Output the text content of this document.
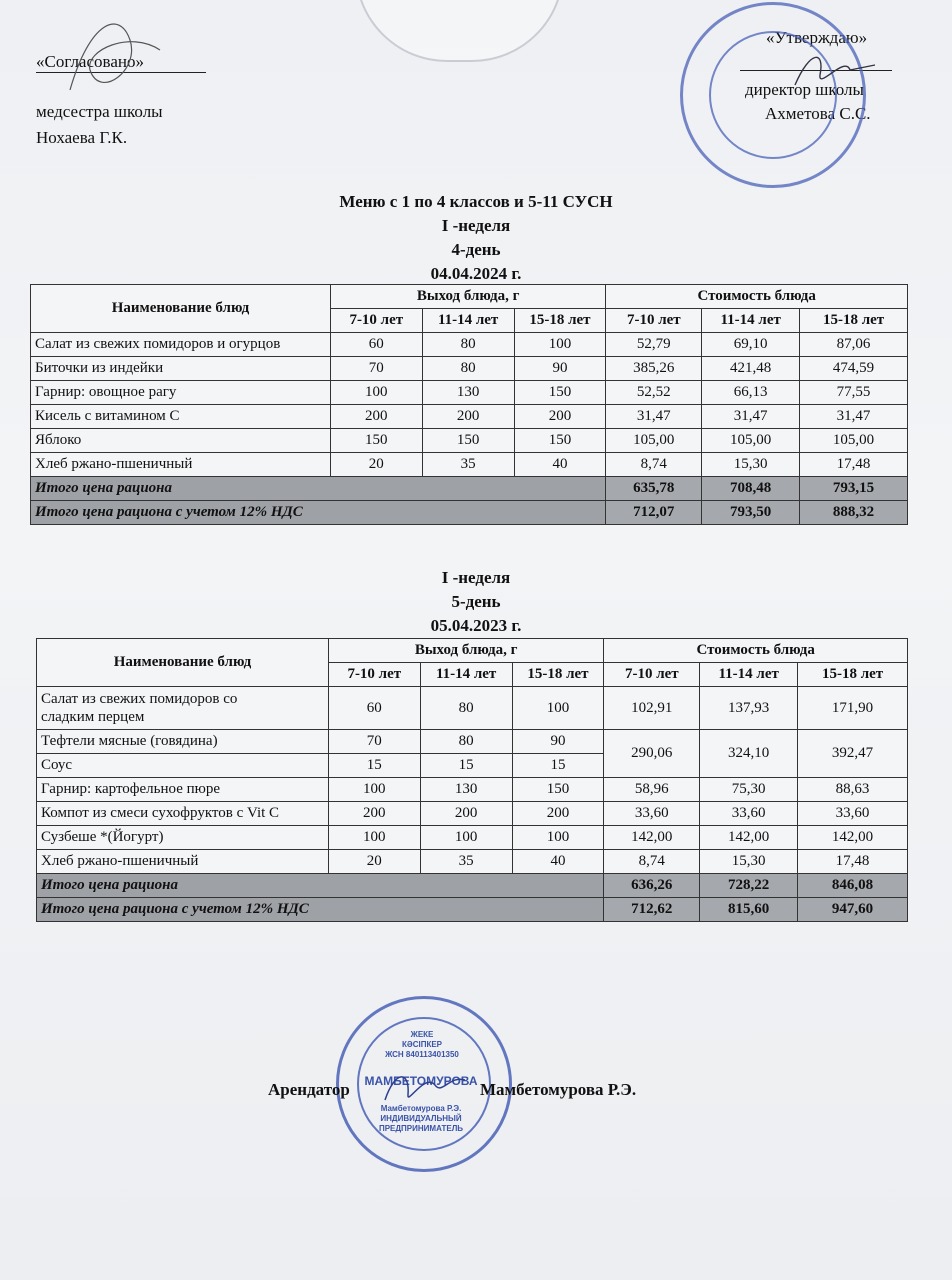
«Согласовано»
медсестра школы
Нохаева Г.К.
«Утверждаю»
директор школы
Ахметова С.С.
Меню с 1 по 4 классов и 5-11 СУСН
I -неделя
4-день
04.04.2024 г.
Наименование блюд	Выход блюда, г			Стоимость блюда		
	7-10 лет	11-14 лет	15-18 лет	7-10 лет	11-14 лет	15-18 лет
Салат из свежих помидоров и огурцов	60	80	100	52,79	69,10	87,06
Биточки из индейки	70	80	90	385,26	421,48	474,59
Гарнир: овощное рагу	100	130	150	52,52	66,13	77,55
Кисель с витамином С	200	200	200	31,47	31,47	31,47
Яблоко	150	150	150	105,00	105,00	105,00
Хлеб ржано-пшеничный	20	35	40	8,74	15,30	17,48
Итого цена рациона				635,78	708,48	793,15
Итого цена рациона с учетом 12% НДС				712,07	793,50	888,32
I -неделя
5-день
05.04.2023 г.
Наименование блюд	Выход блюда, г			Стоимость блюда		
	7-10 лет	11-14 лет	15-18 лет	7-10 лет	11-14 лет	15-18 лет
Салат из свежих помидоров со
сладким перцем	60	80	100	102,91	137,93	171,90
Тефтели мясные (говядина)	70	80	90	290,06	324,10	392,47
Соус	15	15	15			
Гарнир: картофельное пюре	100	130	150	58,96	75,30	88,63
Компот из смеси сухофруктов с Vit C	200	200	200	33,60	33,60	33,60
Сузбеше *(Йогурт)	100	100	100	142,00	142,00	142,00
Хлеб ржано-пшеничный	20	35	40	8,74	15,30	17,48
Итого цена рациона				636,26	728,22	846,08
Итого цена рациона с учетом 12% НДС				712,62	815,60	947,60
ЖЕКЕ
КӘСІПКЕР
ЖСН 840113401350
МАМБЕТОМУРОВА
Мамбетомурова Р.Э.
ИНДИВИДУАЛЬНЫЙ
ПРЕДПРИНИМАТЕЛЬ
Арендатор	Мамбетомурова Р.Э.
